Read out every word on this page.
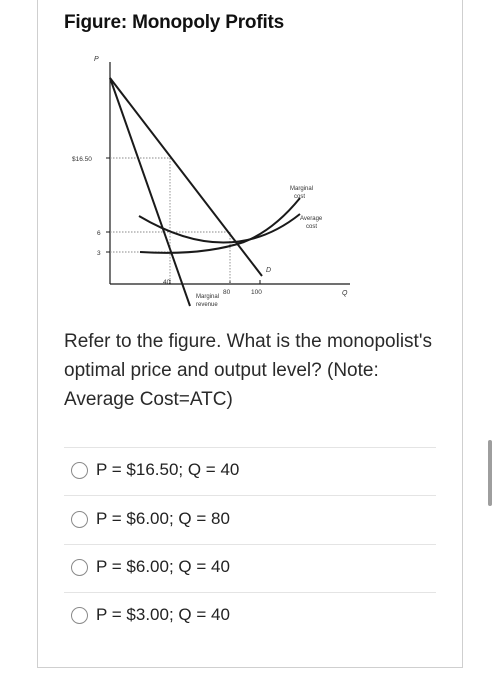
Figure: Monopoly Profits
P
Q
$16.50
6
3
40
80	100
D
Marginal
revenue
Average
cost
Marginal
cost
Refer to the figure. What is the monopolist's optimal price and output level? (Note: Average Cost=ATC)
P = $16.50; Q = 40
P = $6.00; Q = 80
P = $6.00; Q = 40
P = $3.00; Q = 40
